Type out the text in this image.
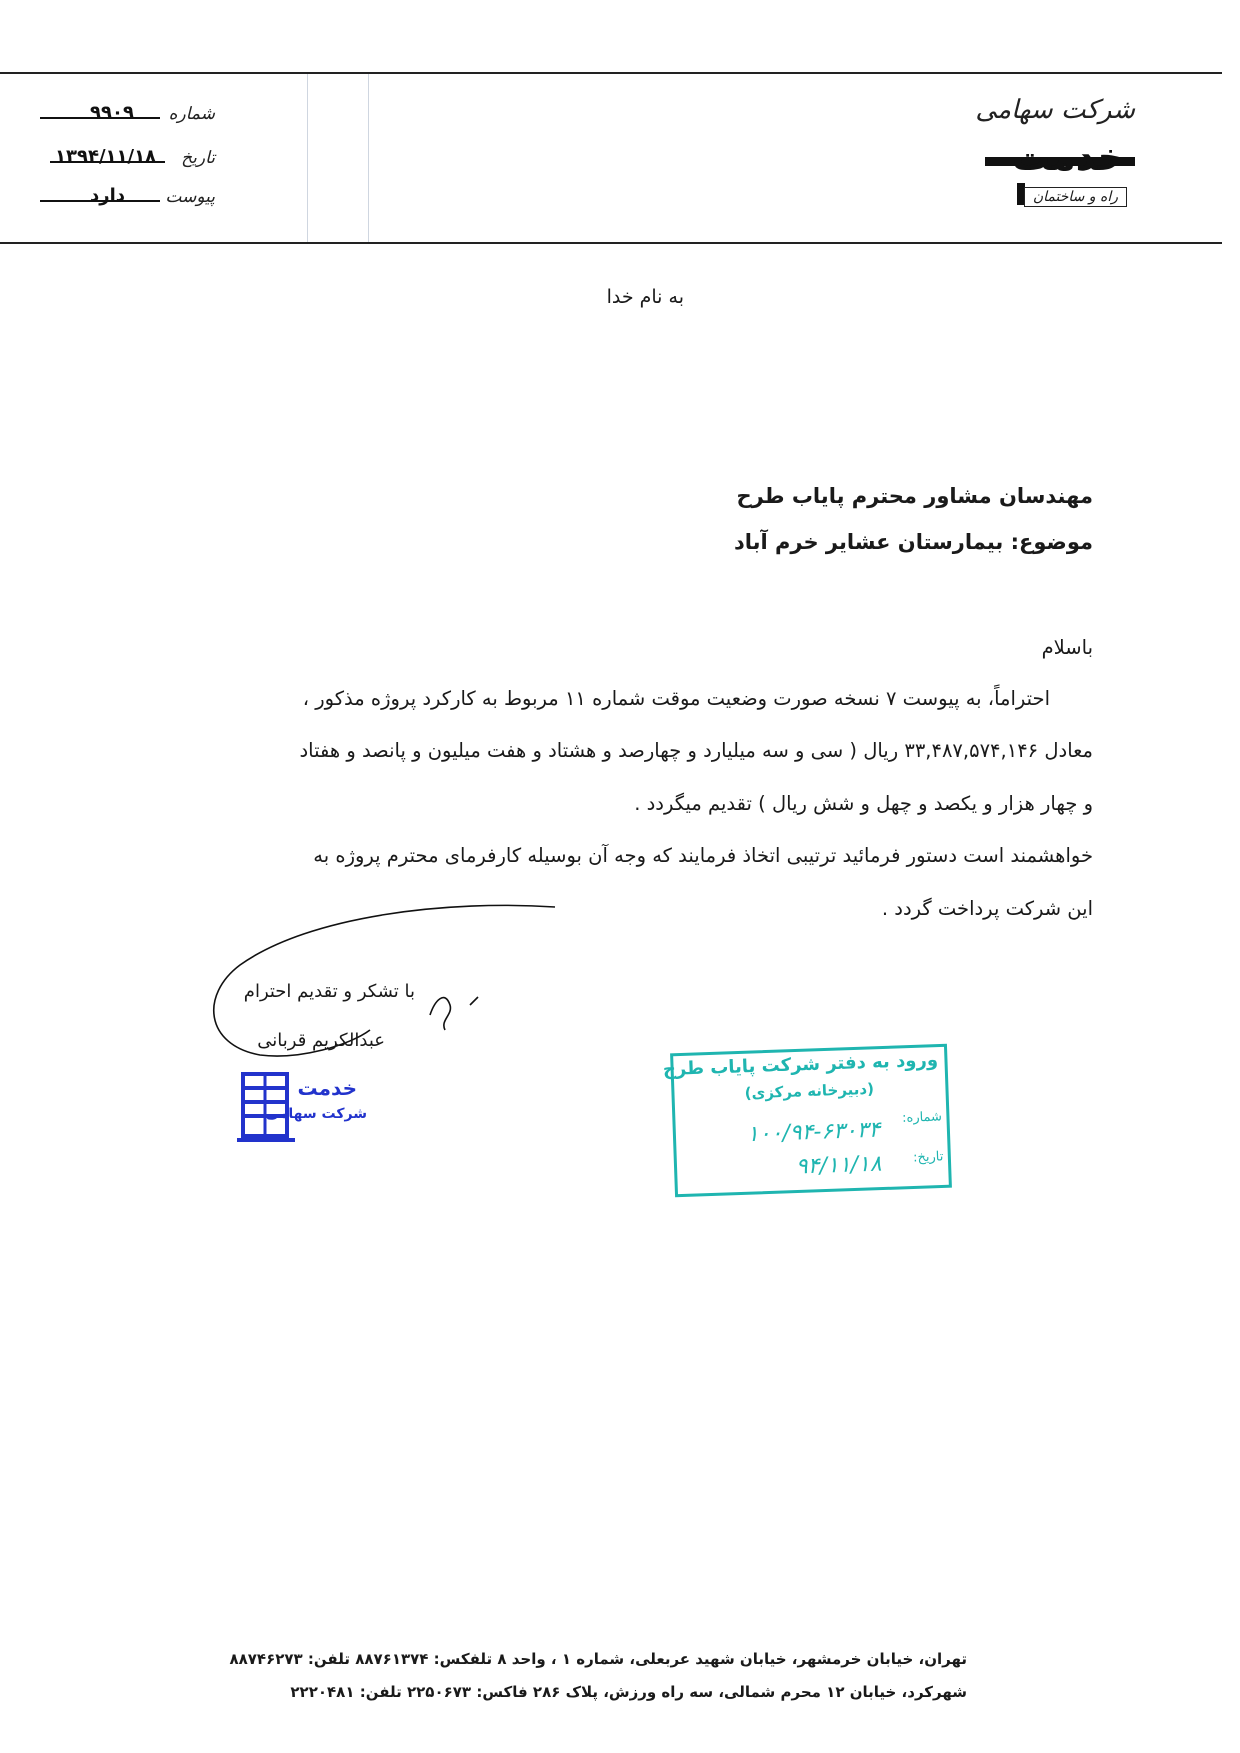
شرکت سهامی
خدمت
راه و ساختمان
شماره
۹۹۰۹
تاریخ
۱۳۹۴/۱۱/۱۸
پیوست
دارد
به نام خدا
مهندسان مشاور محترم پایاب طرح
موضوع: بیمارستان عشایر خرم آباد
باسلام
احتراماً، به پیوست ۷ نسخه صورت وضعیت موقت شماره ۱۱ مربوط به کارکرد پروژه مذکور ،
معادل ۳۳,۴۸۷,۵۷۴,۱۴۶ ریال ( سی و سه میلیارد و چهارصد و هشتاد و هفت میلیون و پانصد و هفتاد
و چهار هزار و یکصد و چهل و شش ریال ) تقدیم میگردد .
خواهشمند است دستور فرمائید ترتیبی اتخاذ فرمایند که وجه آن بوسیله کارفرمای محترم پروژه به
این شرکت پرداخت گردد .
با تشکر و تقدیم احترام
عبدالکریم قربانی
خدمت
شرکت سهامی
ورود به دفتر شرکت پایاب طرح
(دبیرخانه مرکزی)
شماره:
۱۰۰/۹۴-۶۳۰۳۴
تاریخ:
۹۴/۱۱/۱۸
تهران، خیابان خرمشهر، خیابان شهید عربعلی، شماره ۱ ، واحد ۸ تلفکس: ۸۸۷۶۱۳۷۴ تلفن: ۸۸۷۴۶۲۷۳
شهرکرد، خیابان ۱۲ محرم شمالی، سه راه ورزش، پلاک ۲۸۶ فاکس: ۲۲۵۰۶۷۳ تلفن: ۲۲۲۰۴۸۱
